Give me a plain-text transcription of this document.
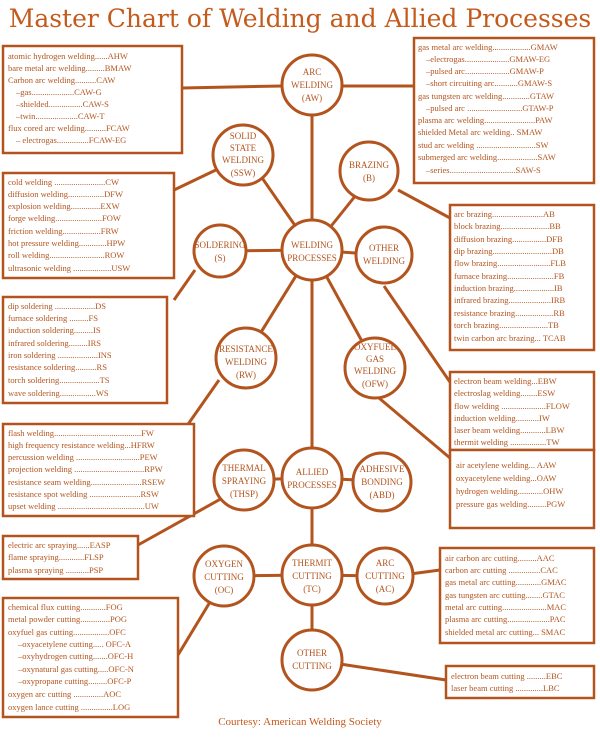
Master Chart of Welding and Allied Processes
ARC
WELDING
(AW)
SOLID
STATE
WELDING
(SSW)
BRAZING
(B)
SOLDERING
(S)
WELDING
PROCESSES
OTHER
WELDING
RESISTANCE
WELDING
(RW)
OXYFUEL
GAS
WELDING
(OFW)
THERMAL
SPRAYING
(THSP)
ALLIED
PROCESSES
ADHESIVE
BONDING
(ABD)
OXYGEN
CUTTING
(OC)
THERMIT
CUTTING
(TC)
ARC
CUTTING
(AC)
OTHER
CUTTING
atomic hydrogen welding......AHW
bare metal arc welding.........BMAW
Carbon arc welding..........CAW
–gas....................CAW-G
–shielded................CAW-S
–twin....................CAW-T
flux cored arc welding..........FCAW
– electrogas...............FCAW-EG
gas metal arc welding..................GMAW
–electrogas.....................GMAW-EG
–pulsed arc.....................GMAW-P
–short circuiting arc...........GMAW-S
gas tungsten arc welding.............GTAW
–pulsed arc ..........................GTAW-P
plasma arc welding........................PAW
shielded Metal arc welding.. SMAW
stud arc welding ............................SW
submerged arc welding...................SAW
–series...............................SAW-S
cold welding ........................CW
diffusion welding.................DFW
explosion welding..............EXW
forge welding......................FOW
friction welding..................FRW
hot pressure welding.............HPW
roll welding..........................ROW
ultrasonic welding ..................USW
arc brazing........................AB
block brazing.......................BB
diffusion brazing................DFB
dip brazing............................DB
flow brazing.........................FLB
furnace brazing......................FB
induction brazing...................IB
infrared brazing....................IRB
resistance brazing..................RB
torch brazing.......................TB
twin carbon arc brazing... TCAB
dip soldering ...................DS
furnace soldering .........FS
induction soldering.........IS
infrared soldering.........IRS
iron soldering ...................INS
resistance soldering..........RS
torch soldering...................TS
wave soldering.................WS
electron beam welding...EBW
electroslag welding........ESW
flow welding .....................FLOW
induction welding...........IW
laser beam welding............LBW
thermit welding .................TW
flash welding.........................................FW
high frequency resistance welding...HFRW
percussion welding ..............................PEW
projection welding .................................RPW
resistance seam welding........................RSEW
resistance spot welding ........................RSW
upset welding .........................................UW
air acetylene welding... AAW
oxyacetylene welding...OAW
hydrogen welding............OHW
pressure gas welding.........PGW
electric arc spraying......EASP
flame spraying............FLSP
plasma spraying ...........PSP
air carbon arc cutting.........AAC
carbon arc cutting ...............CAC
gas metal arc cutting............GMAC
gas tungsten arc cutting........GTAC
metal arc cutting.....................MAC
plasma arc cutting....................PAC
shielded metal arc cutting... SMAC
chemical flux cutting............FOG
metal powder cutting..............POG
oxyfuel gas cutting.................OFC
–oxyacetylene cutting..... OFC-A
–oxyhydrogen cutting.......OFC-H
–oxynatural gas cutting.....OFC-N
–oxypropane cutting.........OFC-P
oxygen arc cutting ..............AOC
oxygen lance cutting ...............LOG
electron beam cutting .........EBC
laser beam cutting .............LBC
Courtesy: American Welding Society
